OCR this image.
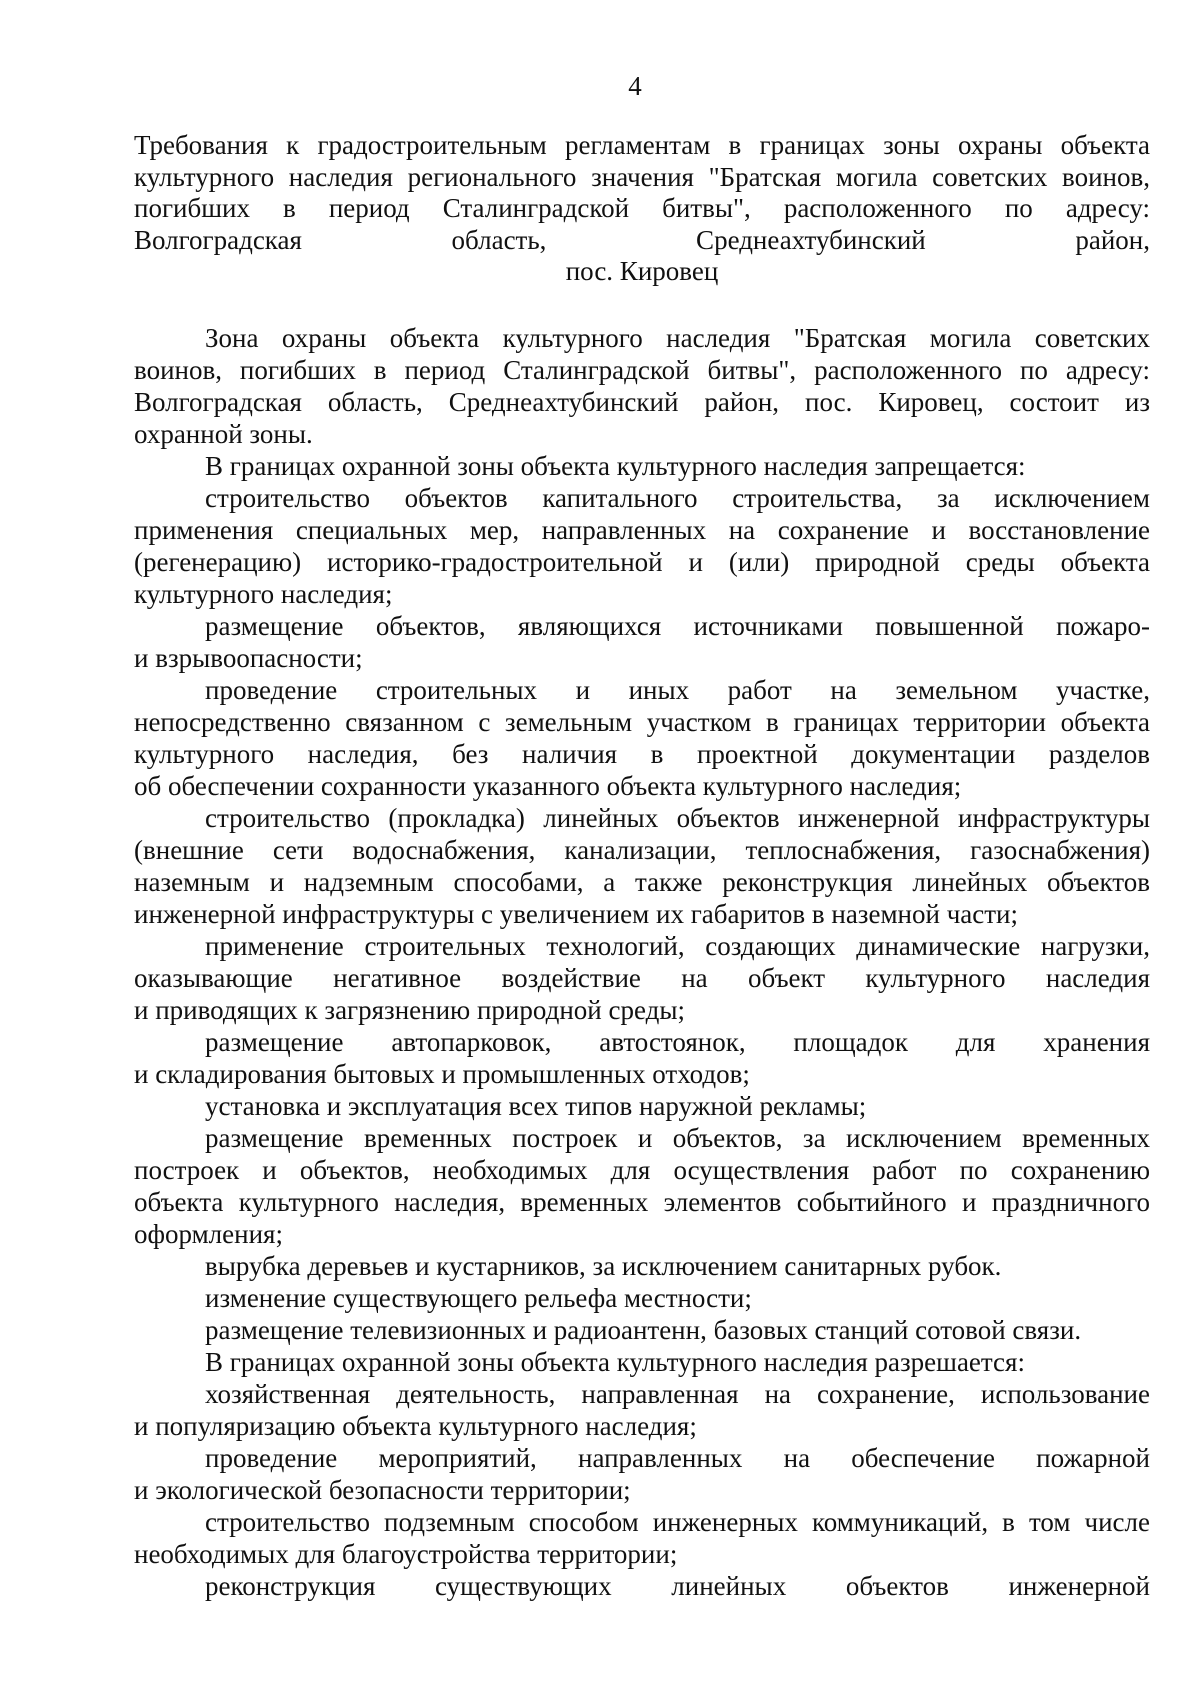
4
Требования к градостроительным регламентам в границах зоны охраны объекта
культурного наследия регионального значения "Братская могила советских воинов,
погибших в период Сталинградской битвы", расположенного по адресу:
Волгоградская область, Среднеахтубинский район,
пос. Кировец
Зона охраны объекта культурного наследия "Братская могила советских
воинов, погибших в период Сталинградской битвы", расположенного по адресу:
Волгоградская область, Среднеахтубинский район, пос. Кировец, состоит из
охранной зоны.
В границах охранной зоны объекта культурного наследия запрещается:
строительство объектов капитального строительства, за исключением
применения специальных мер, направленных на сохранение и восстановление
(регенерацию) историко-градостроительной и (или) природной среды объекта
культурного наследия;
размещение объектов, являющихся источниками повышенной пожаро-
и взрывоопасности;
проведение строительных и иных работ на земельном участке,
непосредственно связанном с земельным участком в границах территории объекта
культурного наследия, без наличия в проектной документации разделов
об обеспечении сохранности указанного объекта культурного наследия;
строительство (прокладка) линейных объектов инженерной инфраструктуры
(внешние сети водоснабжения, канализации, теплоснабжения, газоснабжения)
наземным и надземным способами, а также реконструкция линейных объектов
инженерной инфраструктуры с увеличением их габаритов в наземной части;
применение строительных технологий, создающих динамические нагрузки,
оказывающие негативное воздействие на объект культурного наследия
и приводящих к загрязнению природной среды;
размещение автопарковок, автостоянок, площадок для хранения
и складирования бытовых и промышленных отходов;
установка и эксплуатация всех типов наружной рекламы;
размещение временных построек и объектов, за исключением временных
построек и объектов, необходимых для осуществления работ по сохранению
объекта культурного наследия, временных элементов событийного и праздничного
оформления;
вырубка деревьев и кустарников, за исключением санитарных рубок.
изменение существующего рельефа местности;
размещение телевизионных и радиоантенн, базовых станций сотовой связи.
В границах охранной зоны объекта культурного наследия разрешается:
хозяйственная деятельность, направленная на сохранение, использование
и популяризацию объекта культурного наследия;
проведение мероприятий, направленных на обеспечение пожарной
и экологической безопасности территории;
строительство подземным способом инженерных коммуникаций, в том числе
необходимых для благоустройства территории;
реконструкция существующих линейных объектов инженерной
